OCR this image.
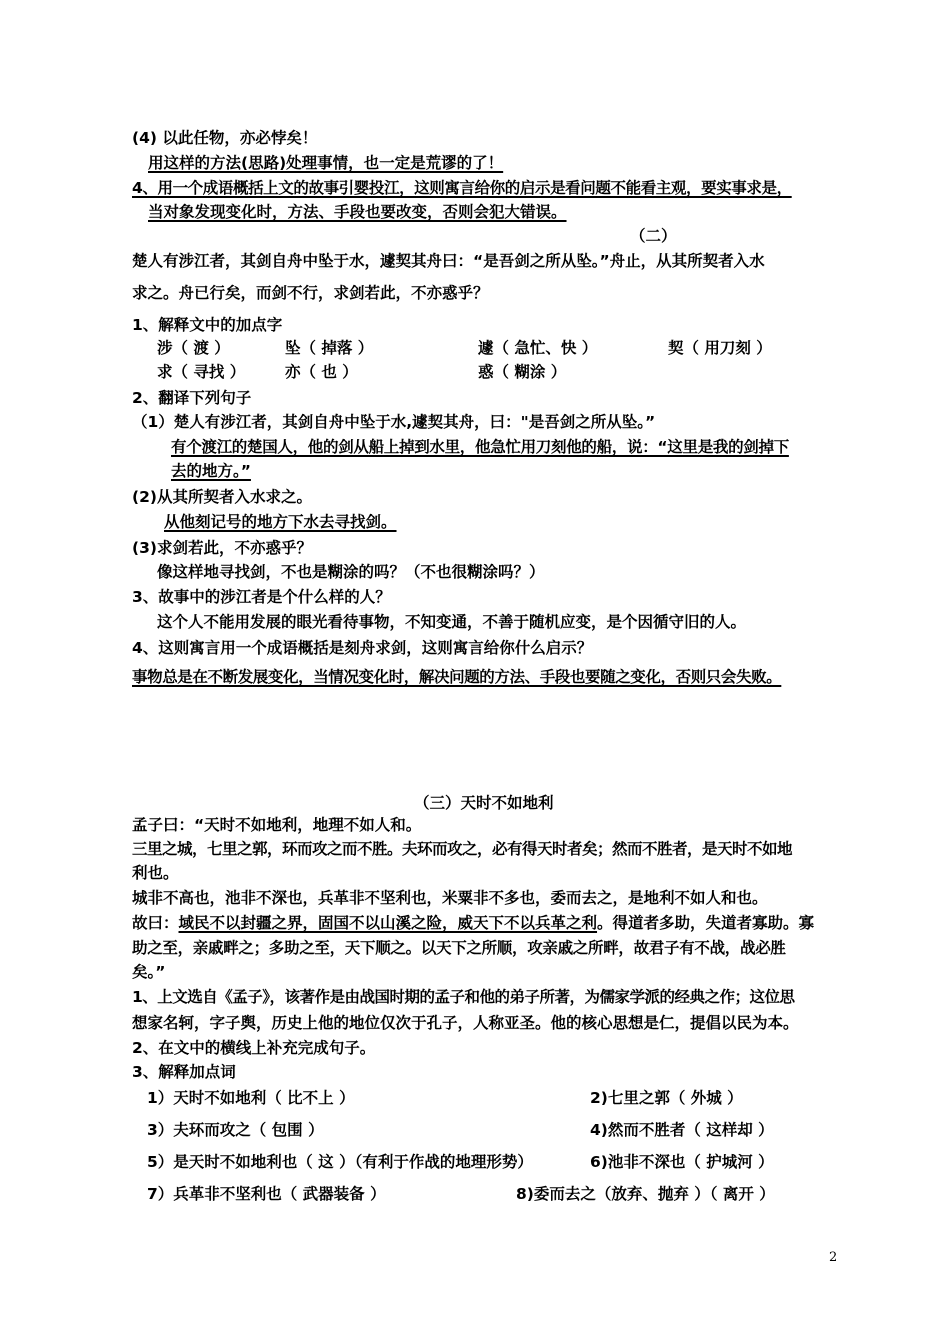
(4) 以此任物，亦必悖矣！
用这样的方法(思路)处理事情，也一定是荒谬的了！
4、用一个成语概括上文的故事引婴投江，这则寓言给你的启示是看问题不能看主观，要实事求是，
当对象发现变化时，方法、手段也要改变，否则会犯大错误。
（二）
楚人有涉江者，其剑自舟中坠于水，遽契其舟曰：“是吾剑之所从坠。”舟止，从其所契者入水
求之。舟已行矣，而剑不行，求剑若此，不亦惑乎？
1、解释文中的加点字
涉（ 渡 ）	坠（ 掉落 ）	遽（ 急忙、快 ）	契（ 用刀刻 ）
求（ 寻找 ）	亦（ 也 ）	惑（ 糊涂 ）
2、翻译下列句子
（1）楚人有涉江者，其剑自舟中坠于水,遽契其舟，曰："是吾剑之所从坠。”
有个渡江的楚国人，他的剑从船上掉到水里，他急忙用刀刻他的船，说：“这里是我的剑掉下
去的地方。”
(2)从其所契者入水求之。
从他刻记号的地方下水去寻找剑。
(3)求剑若此，不亦惑乎？
像这样地寻找剑，不也是糊涂的吗？（不也很糊涂吗？）
3、故事中的涉江者是个什么样的人？
这个人不能用发展的眼光看待事物，不知变通，不善于随机应变，是个因循守旧的人。
4、这则寓言用一个成语概括是刻舟求剑，这则寓言给你什么启示？
事物总是在不断发展变化，当情况变化时，解决问题的方法、手段也要随之变化，否则只会失败。
（三）天时不如地利
孟子曰：“天时不如地利，地理不如人和。
三里之城，七里之郭，环而攻之而不胜。夫环而攻之，必有得天时者矣；然而不胜者，是天时不如地
利也。
城非不高也，池非不深也，兵革非不坚利也，米粟非不多也，委而去之，是地利不如人和也。
故曰：域民不以封疆之界，固国不以山溪之险，威天下不以兵革之利。得道者多助，失道者寡助。寡
助之至，亲戚畔之；多助之至，天下顺之。以天下之所顺，攻亲戚之所畔，故君子有不战，战必胜
矣。”
1、上文选自《孟子》，该著作是由战国时期的孟子和他的弟子所著，为儒家学派的经典之作；这位思
想家名轲，字子舆，历史上他的地位仅次于孔子，人称亚圣。他的核心思想是仁，提倡以民为本。
2、在文中的横线上补充完成句子。
3、解释加点词
1）天时不如地利（ 比不上 ）	2)七里之郭（ 外城 ）
3）夫环而攻之（ 包围 ）	4)然而不胜者（ 这样却 ）
5）是天时不如地利也（ 这 ）（有利于作战的地理形势）	6)池非不深也（ 护城河 ）
7）兵革非不坚利也（ 武器装备 ）	8)委而去之（放弃、抛弃 ）（ 离开 ）
2
